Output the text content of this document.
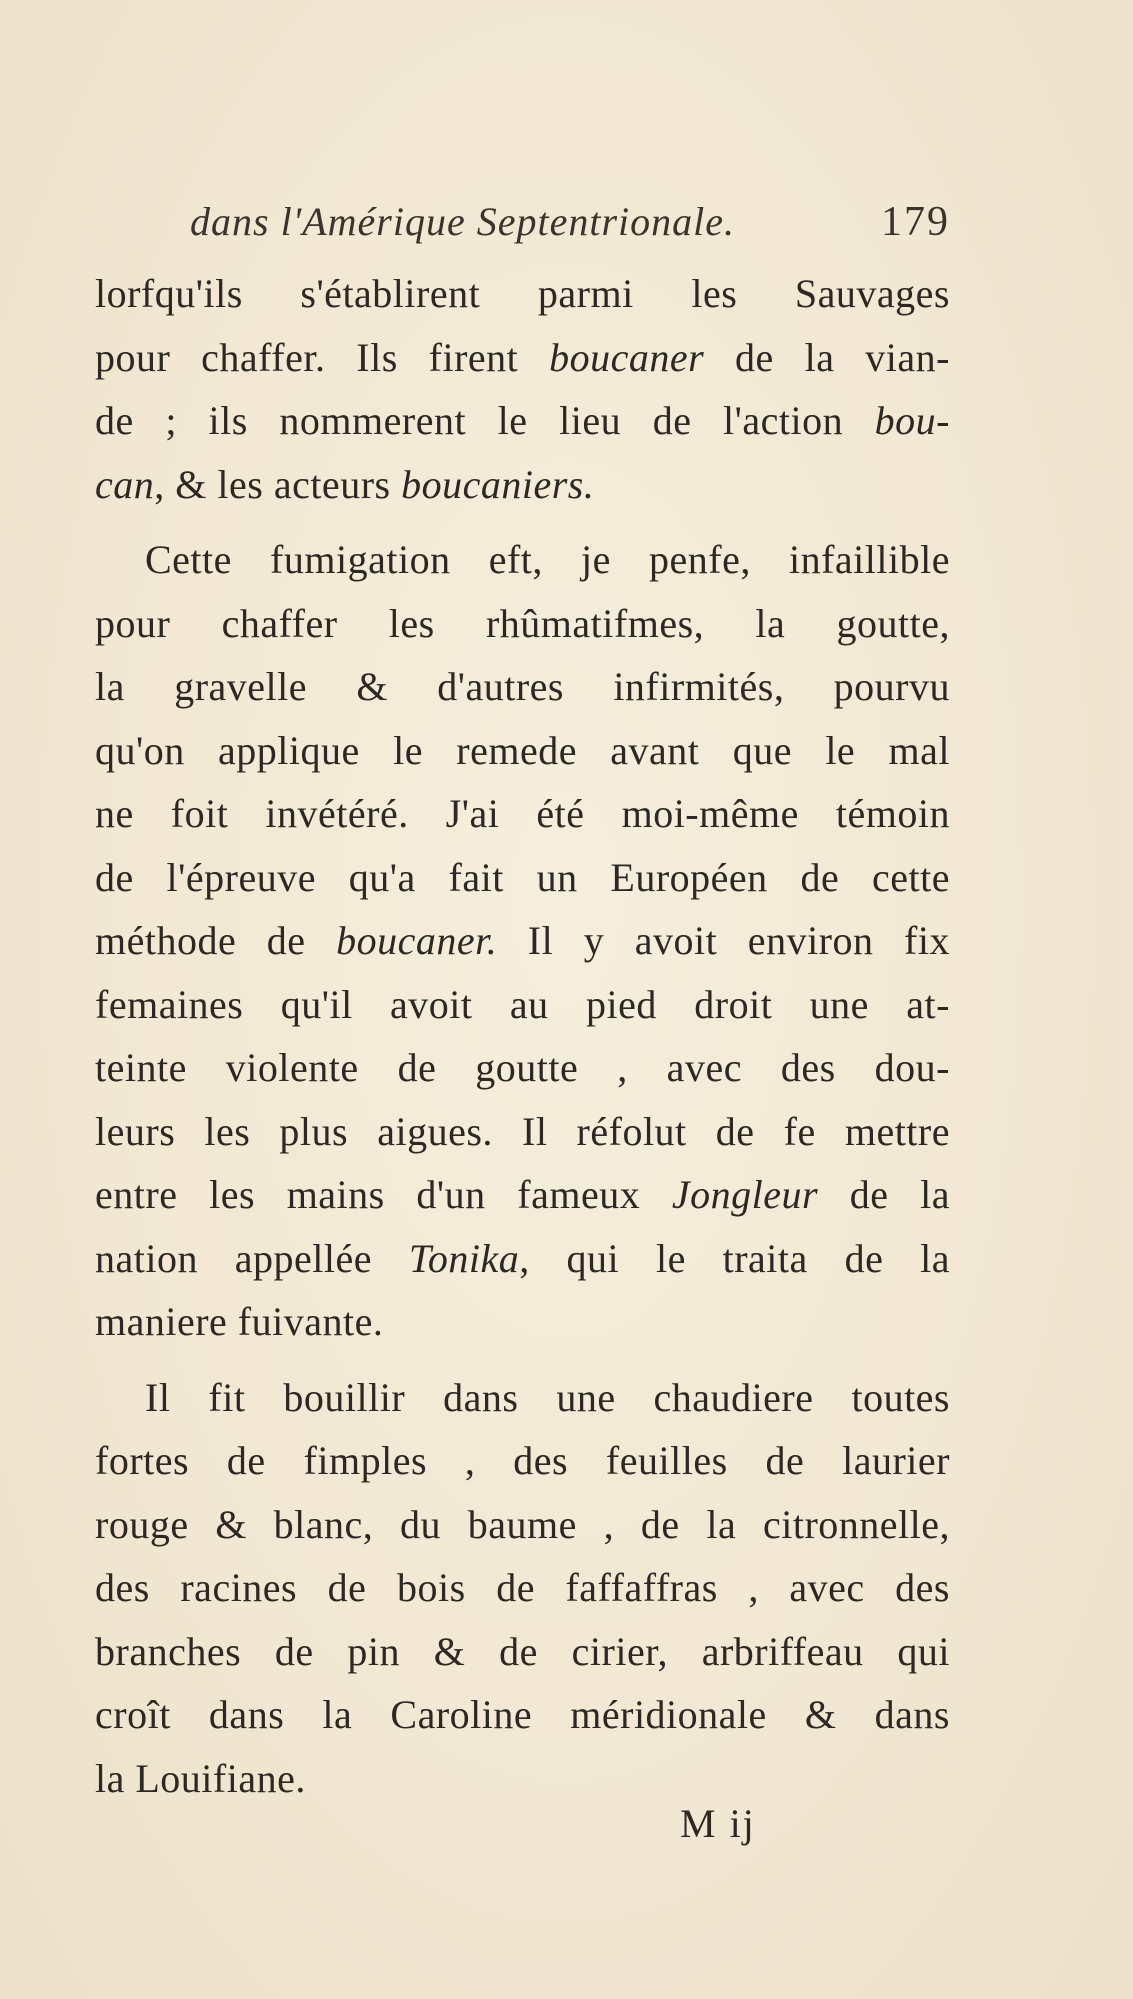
dans l'Amérique Septentrionale.	179
lorfqu'ils s'établirent parmi les Sauvages
pour chaffer. Ils firent boucaner de la vian-
de ; ils nommerent le lieu de l'action bou-
can, & les acteurs boucaniers.
Cette fumigation eft, je penfe, infaillible
pour chaffer les rhûmatifmes, la goutte,
la gravelle & d'autres infirmités, pourvu
qu'on applique le remede avant que le mal
ne foit invétéré. J'ai été moi-même témoin
de l'épreuve qu'a fait un Européen de cette
méthode de boucaner. Il y avoit environ fix
femaines qu'il avoit au pied droit une at-
teinte violente de goutte , avec des dou-
leurs les plus aigues. Il réfolut de fe mettre
entre les mains d'un fameux Jongleur de la
nation appellée Tonika, qui le traita de la
maniere fuivante.
Il fit bouillir dans une chaudiere toutes
fortes de fimples , des feuilles de laurier
rouge & blanc, du baume , de la citronnelle,
des racines de bois de faffaffras , avec des
branches de pin & de cirier, arbriffeau qui
croît dans la Caroline méridionale & dans
la Louifiane.
M ij
